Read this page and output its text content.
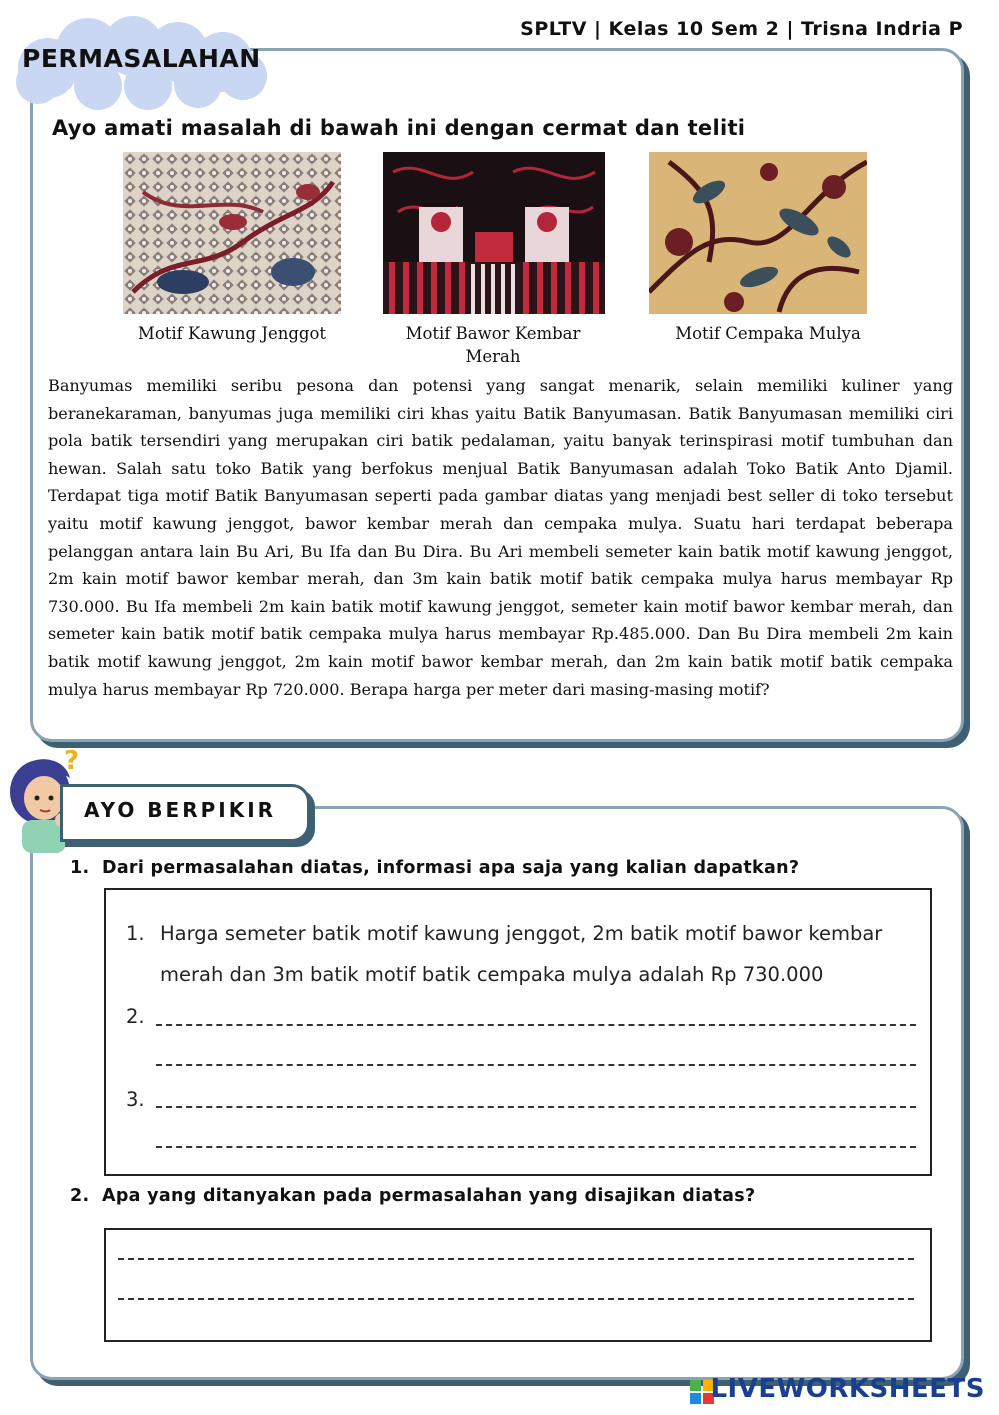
SPLTV | Kelas 10 Sem 2 | Trisna Indria P
PERMASALAHAN
Ayo amati masalah di bawah ini dengan cermat dan teliti
Motif Kawung Jenggot	Motif Bawor Kembar Merah
Motif Cempaka Mulya

Banyumas memiliki seribu pesona dan potensi yang sangat menarik, selain memiliki kuliner yang beranekaraman, banyumas juga memiliki ciri khas yaitu Batik Banyumasan. Batik Banyumasan memiliki ciri pola batik tersendiri yang merupakan ciri batik pedalaman, yaitu banyak terinspirasi motif tumbuhan dan hewan. Salah satu toko Batik yang berfokus menjual Batik Banyumasan adalah Toko Batik Anto Djamil. Terdapat tiga motif Batik Banyumasan seperti pada gambar diatas yang menjadi best seller di toko tersebut yaitu motif kawung jenggot, bawor kembar merah dan cempaka mulya. Suatu hari terdapat beberapa pelanggan antara lain Bu Ari, Bu Ifa dan Bu Dira. Bu Ari membeli semeter kain batik motif kawung jenggot, 2m kain motif bawor kembar merah, dan 3m kain batik motif batik cempaka mulya harus membayar Rp 730.000. Bu Ifa membeli 2m kain batik motif kawung jenggot, semeter kain motif bawor kembar merah, dan semeter kain batik motif batik cempaka mulya harus membayar Rp.485.000. Dan Bu Dira membeli 2m kain batik motif kawung jenggot, 2m kain motif bawor kembar merah, dan 2m kain batik motif batik cempaka mulya harus membayar Rp 720.000. Berapa harga per meter dari masing-masing motif?

?
AYO BERPIKIR
1. Dari permasalahan diatas, informasi apa saja yang kalian dapatkan?
1. Harga semeter batik motif kawung jenggot, 2m batik motif bawor kembar
merah dan 3m batik motif batik cempaka mulya adalah Rp 730.000
2.
3.
2. Apa yang ditanyakan pada permasalahan yang disajikan diatas?
LIVEWORKSHEETS
